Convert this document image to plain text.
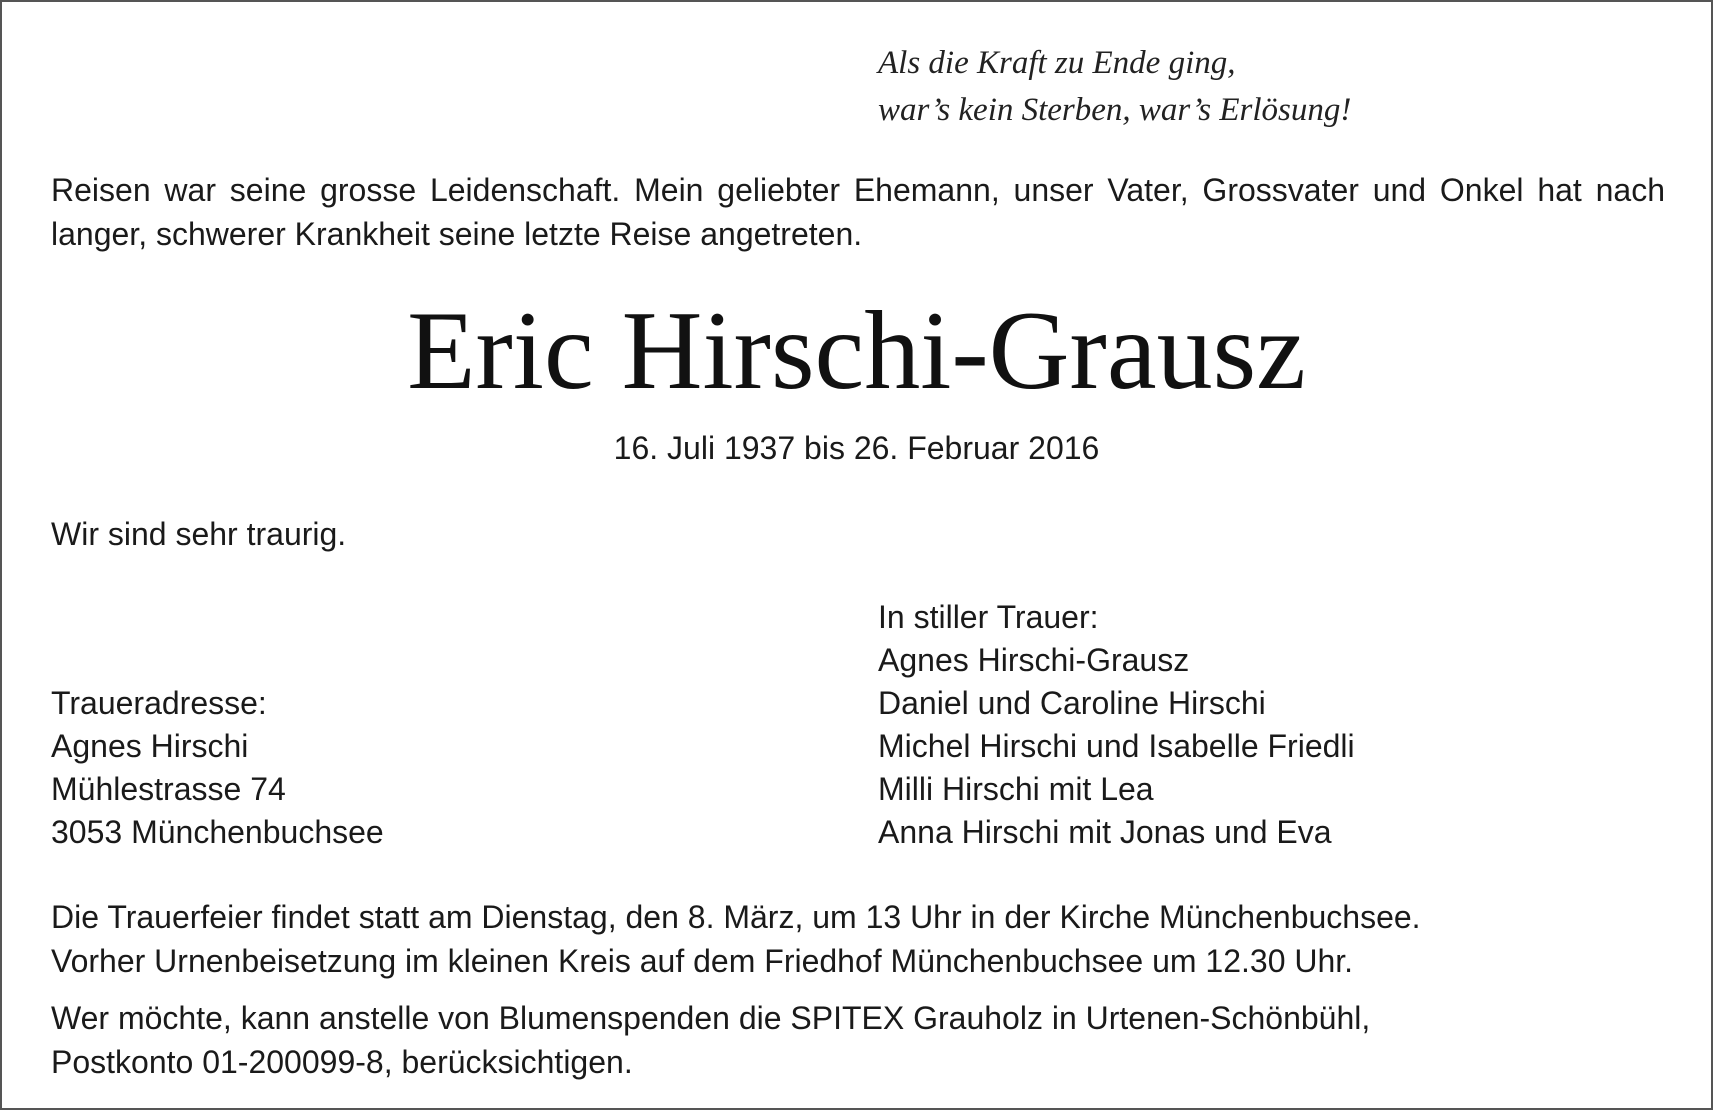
Als die Kraft zu Ende ging,
war’s kein Sterben, war’s Erlösung!
Reisen war seine grosse Leidenschaft. Mein geliebter Ehemann, unser Vater, Grossvater und Onkel hat nach
langer, schwerer Krankheit seine letzte Reise angetreten.
Eric Hirschi-Grausz
16. Juli 1937 bis 26. Februar 2016
Wir sind sehr traurig.
In stiller Trauer:
Agnes Hirschi-Grausz
Daniel und Caroline Hirschi
Michel Hirschi und Isabelle Friedli
Milli Hirschi mit Lea
Anna Hirschi mit Jonas und Eva
Traueradresse:
Agnes Hirschi
Mühlestrasse 74
3053 Münchenbuchsee
Die Trauerfeier findet statt am Dienstag, den 8. März, um 13 Uhr in der Kirche Münchenbuchsee.
Vorher Urnenbeisetzung im kleinen Kreis auf dem Friedhof Münchenbuchsee um 12.30 Uhr.
Wer möchte, kann anstelle von Blumenspenden die SPITEX Grauholz in Urtenen-Schönbühl,
Postkonto 01-200099-8, berücksichtigen.
